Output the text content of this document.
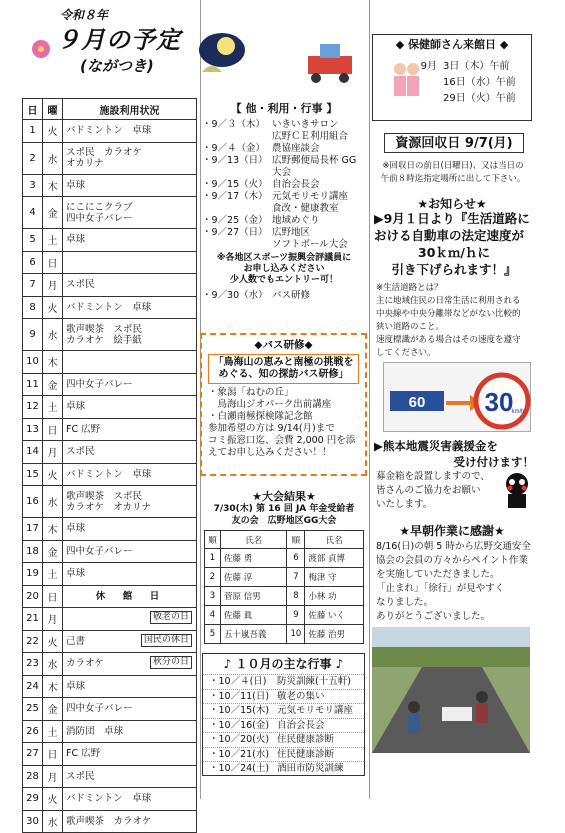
令和８年
９月の予定
(ながつき)
日	曜	施設利用状況
1	火	バドミントン　卓球
2	水	スポ民　カラオケ
オカリナ
3	木	卓球
4	金	にこにこクラブ
四中女子バレー
5	土	卓球
6	日	
7	月	スポ民
8	火	バドミントン　卓球
9	水	歌声喫茶　スポ民
カラオケ　絵手紙
10	木	
11	金	四中女子バレー
12	土	卓球
13	日	FC 広野
14	月	スポ民
15	火	バドミントン　卓球
16	水	歌声喫茶　スポ民
カラオケ　オカリナ
17	木	卓球
18	金	四中女子バレー
19	土	卓球
20	日	休　館　日
21	月	敬老の日

22	火	己書 国民の休日

23	水	カラオケ 秋分の日

24	木	卓球
25	金	四中女子バレー
26	土	消防団　卓球
27	日	FC 広野
28	月	スポ民
29	火	バドミントン　卓球
30	水	歌声喫茶　カラオケ
【 他・利用・行事 】
・9／３（木） いきいきサロン
広野ＣＥ利用組合
・9／４（金） 農協座談会
・9／13（日） 広野郵便局長杯 GG
大会
・9／15（火） 自治会長会
・9／17（木） 元気モリモリ講座
食改・健康教室
・9／25（金） 地域めぐり
・9／27（日） 広野地区
ソフトボール大会
※各地区スポーツ振興会評議員に
お申し込みください
少人数でもエントリー可！
・9／30（水） バス研修
◆バス研修◆
「鳥海山の恵みと南極の挑戦を
めぐる、知の探訪バス研修」
・象潟「ねむの丘」
　鳥海山ジオパーク出前講座
・白瀬南極探検隊記念館
参加希望の方は 9/14(月)まで
コミ振窓口迄、会費 2,000 円を添
えてお申し込みください！！
★大会結果★
7/30(木) 第 16 回 JA 年金受給者
友の会　広野地区GG大会
順	氏名	順	氏名
1	佐藤 勇	6	渡部 貞博
2	佐藤 淳	7	梅津 守
3	菅原 信男	8	小林 功
4	佐藤 眞	9	佐藤 いく
5	五十嵐吾義	10	佐藤 治男
♪ １０月の主な行事 ♪
・10／４(日)	防災訓練(十五軒)
・10／11(日) 敬老の集い
・10／15(木) 元気モリモリ講座
・10／16(金) 自治会長会
・10／20(火) 住民健康診断
・10／21(水) 住民健康診断
・10／24(土) 酒田市防災訓練
◆ 保健師さん来館日 ◆
9月 3日（木）午前
16日（水）午前
29日（火）午前
資源回収日 9/7(月)
※回収日の前日(日曜日)、又は当日の
午前８時迄指定場所に出して下さい。
★お知らせ★
▶9月１日より『生活道路に
おける自動車の法定速度が
30ｋｍ/ｈに
引き下げられます！』
※生活道路とは？
主に地域住民の日常生活に利用される
中央線や中央分離帯などがない比較的
狭い道路のこと。
速度標識がある場合はその速度を遵守
してください。
60 30
km/h
▶熊本地震災害義援金を
受け付けます！
募金箱を設置しますので、
皆さんのご協力をお願い
いたします。
★早朝作業に感謝★
8/16(日)の朝 5 時から広野交通安全
協会の会員の方々からペイント作業
を実施していただきました。
「止まれ」「徐行」が見やすく
なりました。
ありがとうございました。
